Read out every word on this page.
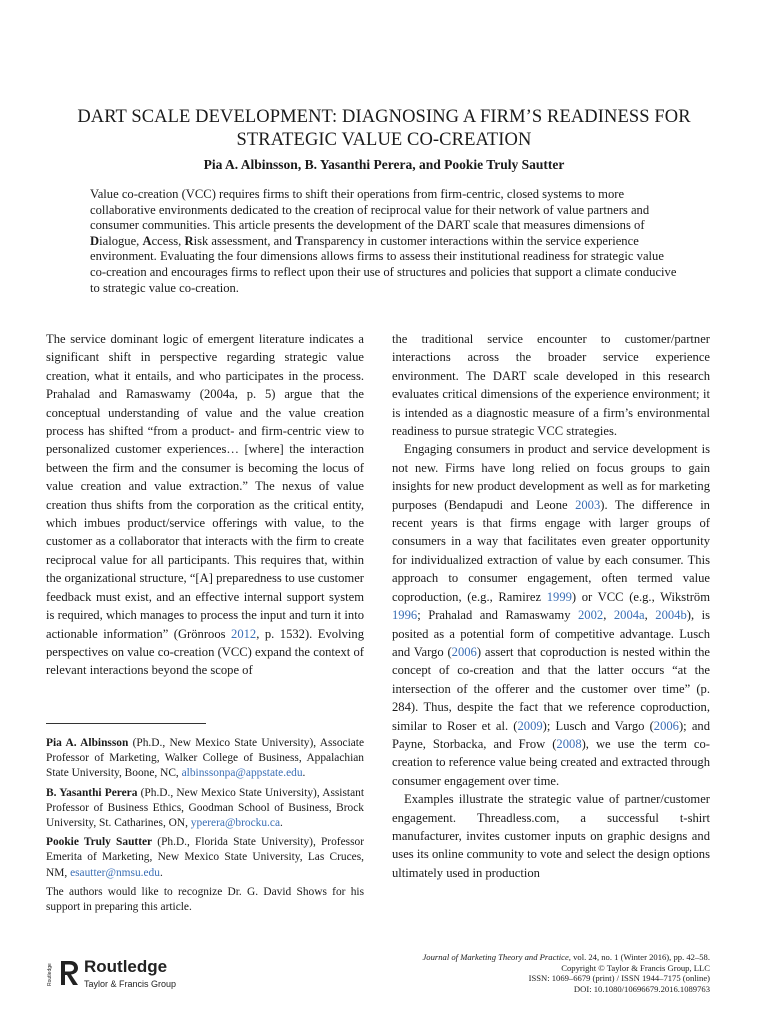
DART SCALE DEVELOPMENT: DIAGNOSING A FIRM’S READINESS FOR
STRATEGIC VALUE CO-CREATION

Pia A. Albinsson, B. Yasanthi Perera, and Pookie Truly Sautter

Value co-creation (VCC) requires firms to shift their operations from firm-centric, closed systems to more collaborative environments dedicated to the creation of reciprocal value for their network of value partners and consumer communities. This article presents the development of the DART scale that measures dimensions of Dialogue, Access, Risk assessment, and Transparency in customer interactions within the service experience environment. Evaluating the four dimensions allows firms to assess their institutional readiness for strategic value co-creation and encourages firms to reflect upon their use of structures and policies that support a climate conducive to strategic value co-creation.

The service dominant logic of emergent literature indicates a significant shift in perspective regarding strategic value creation, what it entails, and who participates in the process. Prahalad and Ramaswamy (2004a, p. 5) argue that the conceptual understanding of value and the value creation process has shifted “from a product- and firm-centric view to personalized customer experiences… [where] the interaction between the firm and the consumer is becoming the locus of value creation and value extraction.” The nexus of value creation thus shifts from the corporation as the critical entity, which imbues product/service offerings with value, to the customer as a collaborator that interacts with the firm to create reciprocal value for all participants. This requires that, within the organizational structure, “[A] preparedness to use customer feedback must exist, and an effective internal support system is required, which manages to process the input and turn it into actionable information” (Grönroos 2012, p. 1532). Evolving perspectives on value co-creation (VCC) expand the context of relevant interactions beyond the scope of

the traditional service encounter to customer/partner interactions across the broader service experience environment. The DART scale developed in this research evaluates critical dimensions of the experience environment; it is intended as a diagnostic measure of a firm’s environmental readiness to pursue strategic VCC strategies.

Engaging consumers in product and service development is not new. Firms have long relied on focus groups to gain insights for new product development as well as for marketing purposes (Bendapudi and Leone 2003). The difference in recent years is that firms engage with larger groups of consumers in a way that facilitates even greater opportunity for individualized extraction of value by each consumer. This approach to consumer engagement, often termed value coproduction, (e.g., Ramirez 1999) or VCC (e.g., Wikström 1996; Prahalad and Ramaswamy 2002, 2004a, 2004b), is posited as a potential form of competitive advantage. Lusch and Vargo (2006) assert that coproduction is nested within the concept of co-creation and that the latter occurs “at the intersection of the offerer and the customer over time” (p. 284). Thus, despite the fact that we reference coproduction, similar to Roser et al. (2009); Lusch and Vargo (2006); and Payne, Storbacka, and Frow (2008), we use the term co-creation to reference value being created and extracted through consumer engagement over time.

Examples illustrate the strategic value of partner/customer engagement. Threadless.com, a successful t-shirt manufacturer, invites customer inputs on graphic designs and uses its online community to vote and select the design options ultimately used in production

Pia A. Albinsson (Ph.D., New Mexico State University), Associate Professor of Marketing, Walker College of Business, Appalachian State University, Boone, NC, albinssonpa@appstate.edu.

B. Yasanthi Perera (Ph.D., New Mexico State University), Assistant Professor of Business Ethics, Goodman School of Business, Brock University, St. Catharines, ON, yperera@brocku.ca.

Pookie Truly Sautter (Ph.D., Florida State University), Professor Emerita of Marketing, New Mexico State University, Las Cruces, NM, esautter@nmsu.edu.

The authors would like to recognize Dr. G. David Shows for his support in preparing this article.

Journal of Marketing Theory and Practice, vol. 24, no. 1 (Winter 2016), pp. 42–58.
Copyright © Taylor & Francis Group, LLC
ISSN: 1069–6679 (print) / ISSN 1944–7175 (online)
DOI: 10.1080/10696679.2016.1089763
Routledge Routledge
Taylor & Francis Group
